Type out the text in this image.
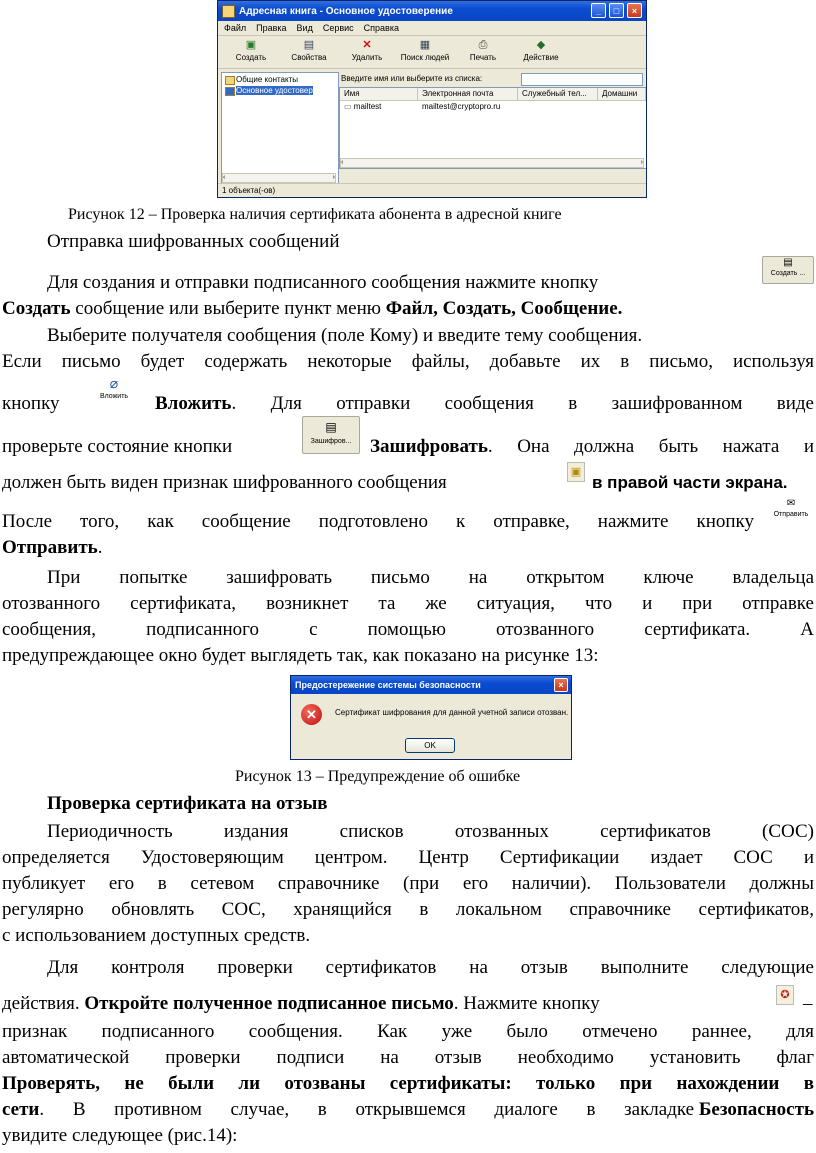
Адресная книга - Основное удостоверение	_	□	×
Файл Правка Вид Сервис Справка
▣
Создать
▤
Свойства
✕
Удалить
▦
Поиск людей
⎙
Печать
◆
Действие
Общие контакты
Основное удостовер
‹	›
Введите имя или выберите из списка:
Имя	Электронная почта	Служебный тел...	Домашни
▭ mailtest	mailtest@cryptopro.ru
‹	›
1 объекта(-ов)
Рисунок 12 – Проверка наличия сертификата абонента в адресной книге
Отправка шифрованных сообщений
Для создания и отправки подписанного сообщения нажмите кнопку
▤
Создать ...
Создать сообщение или выберите пункт меню Файл, Создать, Сообщение.
Выберите получателя сообщения (поле Кому) и введите тему сообщения.
Если письмо будет содержать некоторые файлы, добавьте их в письмо, используя
кнопку
⌀
Вложить	Вложить . Для отправки сообщения в зашифрованном виде
проверьте состояние кнопки
▤
Зашифров... Зашифровать . Она должна быть нажата и
должен быть виден признак шифрованного сообщения
▣
в правой части экрана.
После того, как сообщение подготовлено к отправке, нажмите кнопку
✉
Отправить
Отправить.
При попытке зашифровать письмо на открытом ключе владельца
отозванного сертификата, возникнет та же ситуация, что и при отправке
сообщения, подписанного с помощью отозванного сертификата. А
предупреждающее окно будет выглядеть так, как показано на рисунке 13:
Предостережение системы безопасности	×
✕	Сертификат шифрования для данной учетной записи отозван.
OK
Рисунок 13 – Предупреждение об ошибке
Проверка сертификата на отзыв
Периодичность издания списков отозванных сертификатов (СОС)
определяется Удостоверяющим центром. Центр Сертификации издает СОС и
публикует его в сетевом справочнике (при его наличии). Пользователи должны
регулярно обновлять СОС, хранящийся в локальном справочнике сертификатов,
с использованием доступных средств.
Для контроля проверки сертификатов на отзыв выполните следующие
действия. Откройте полученное подписанное письмо. Нажмите кнопку	✪ –
признак подписанного сообщения. Как уже было отмечено раннее, для
автоматической проверки подписи на отзыв необходимо установить флаг
Проверять, не были ли отозваны сертификаты: только при нахождении в
сети . В противном случае, в открывшемся диалоге в закладке Безопасность
увидите следующее (рис.14):
